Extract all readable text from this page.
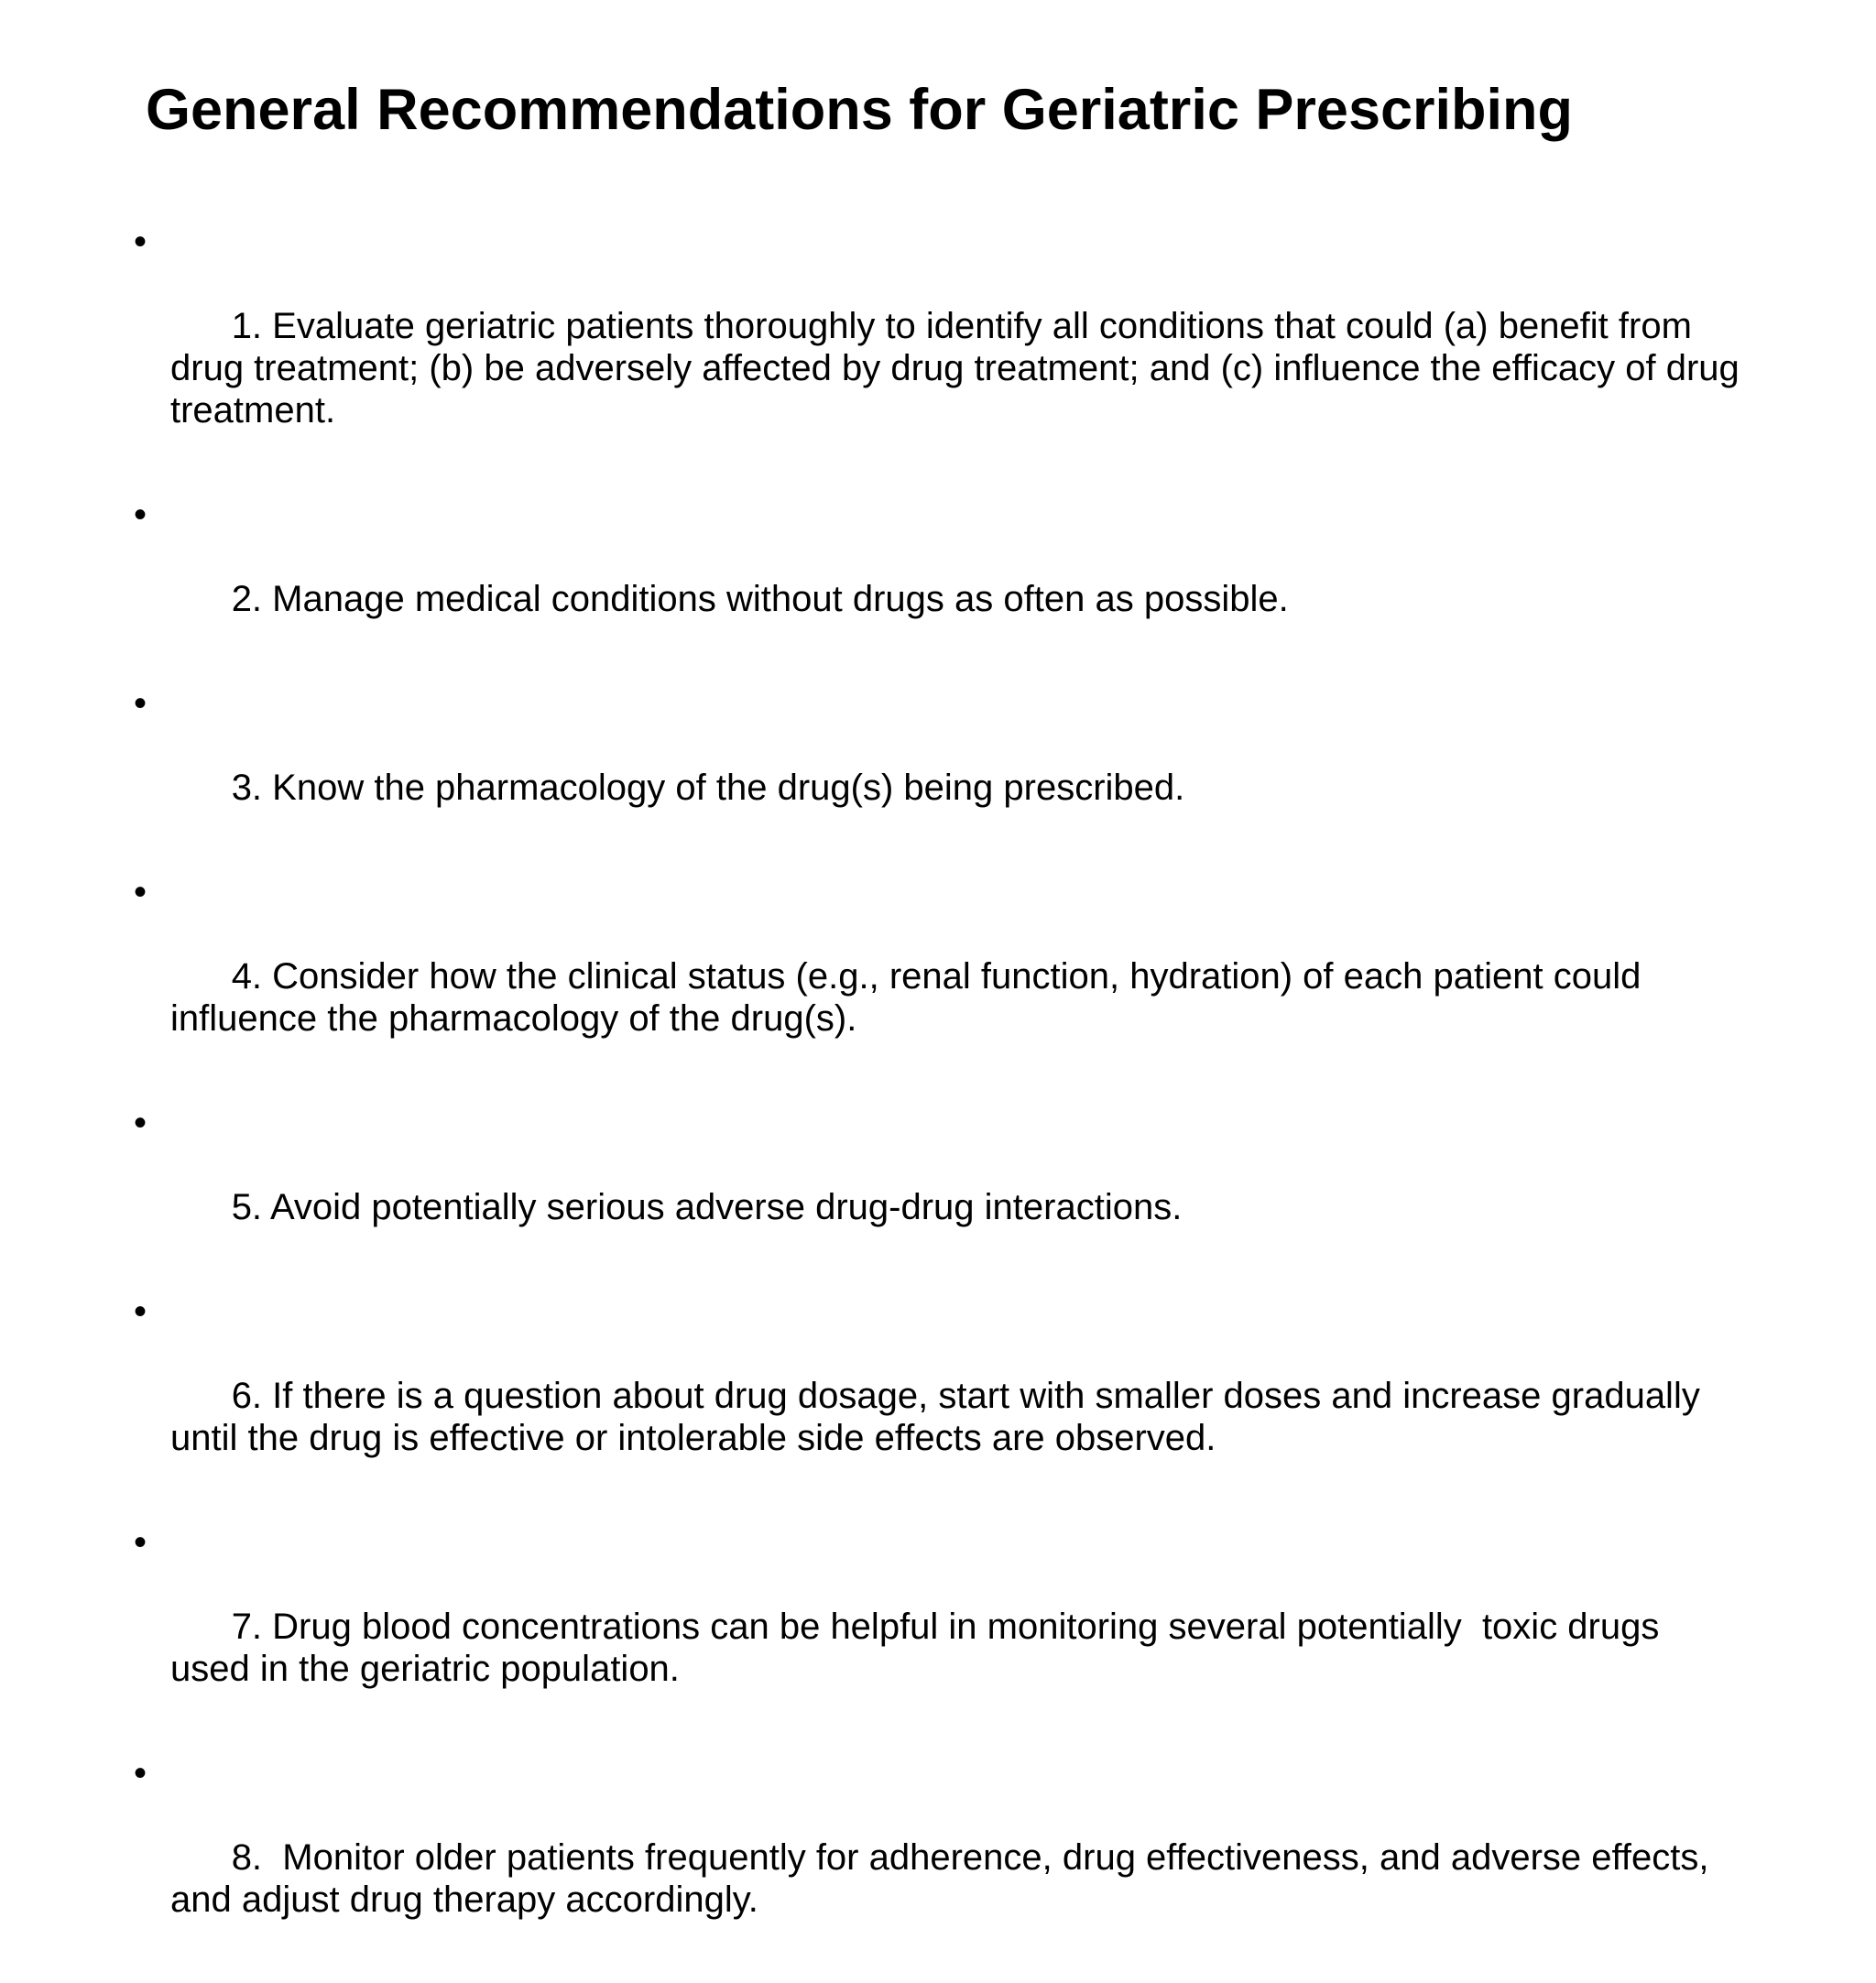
General Recommendations for Geriatric Prescribing

•

1. Evaluate geriatric patients thoroughly to identify all conditions that could (a) benefit from drug treatment; (b) be adversely affected by drug treatment; and (c) influence the efficacy of drug treatment.

•

2. Manage medical conditions without drugs as often as possible.

•

3. Know the pharmacology of the drug(s) being prescribed.

•

4. Consider how the clinical status (e.g., renal function, hydration) of each patient could influence the pharmacology of the drug(s).

•

5. Avoid potentially serious adverse drug-drug interactions.

•

6. If there is a question about drug dosage, start with smaller doses and increase gradually until the drug is effective or intolerable side effects are observed.

•

7. Drug blood concentrations can be helpful in monitoring several potentially  toxic drugs used in the geriatric population.

•

8.  Monitor older patients frequently for adherence, drug effectiveness, and adverse effects, and adjust drug therapy accordingly.
